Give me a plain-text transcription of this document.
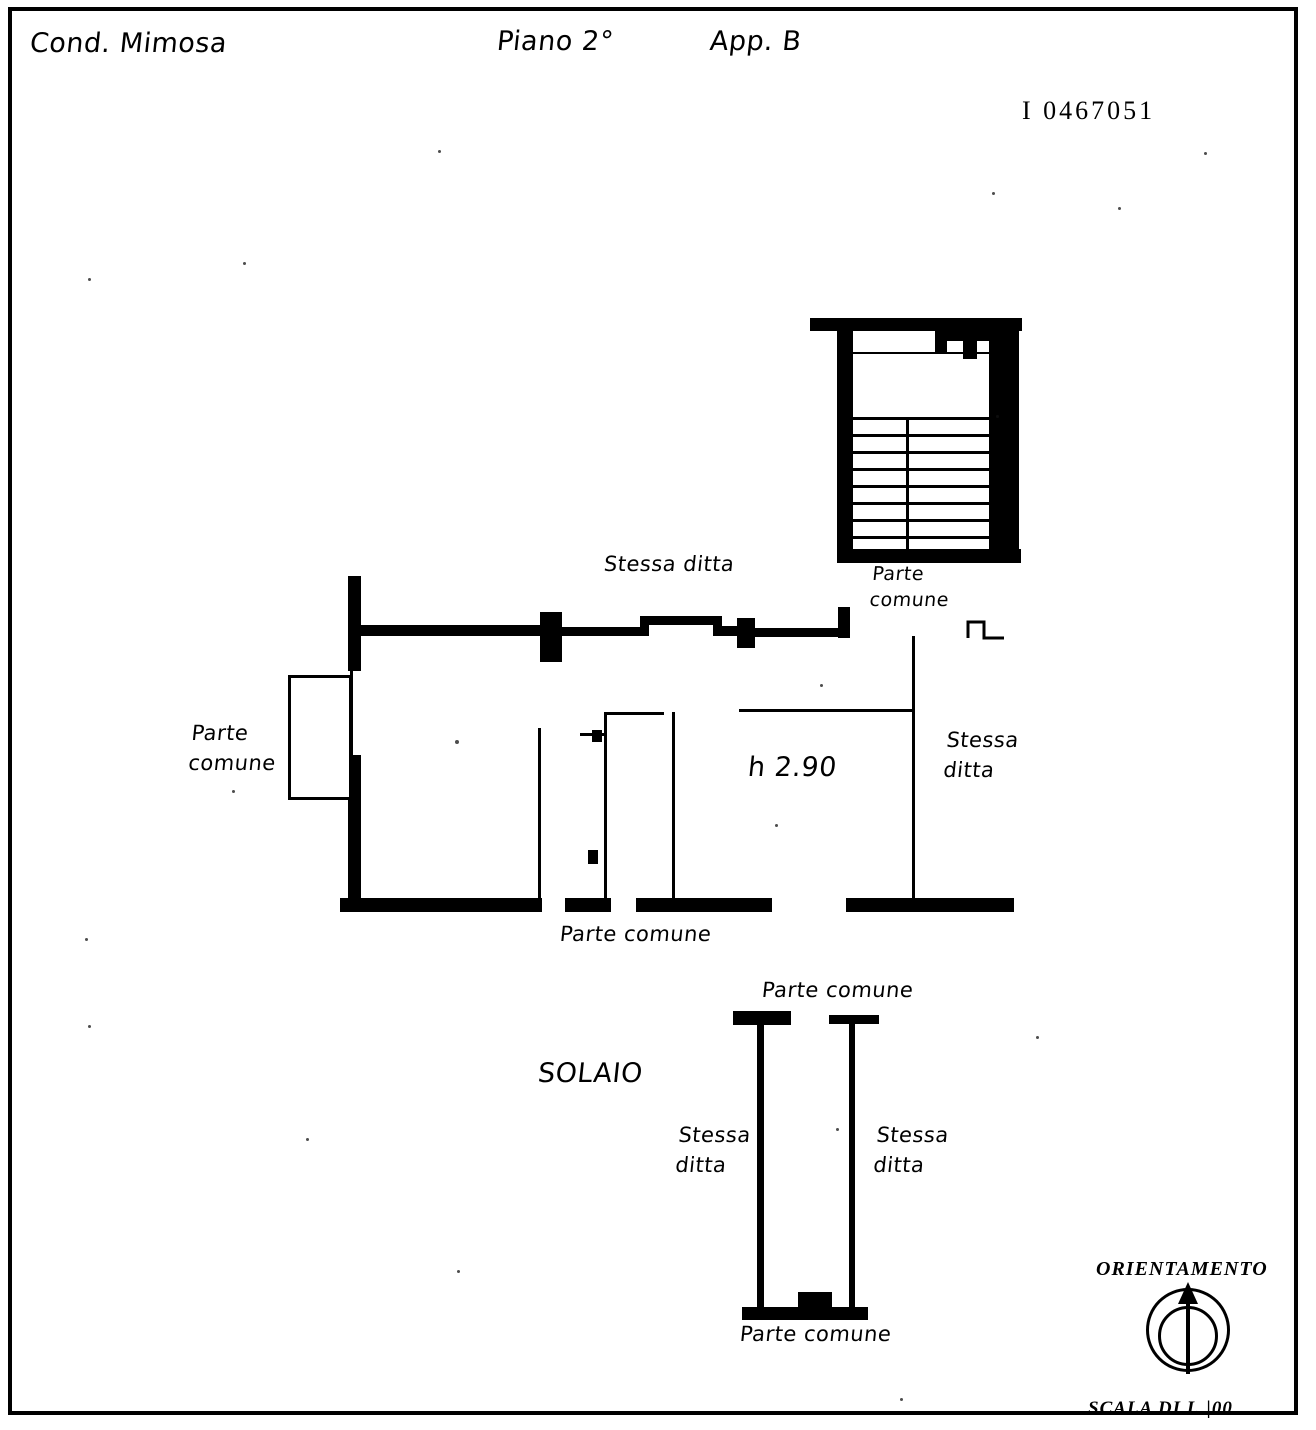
Cond. Mimosa	Piano 2°	App. B
I 0467051
Stessa ditta	Parte
comune
Parte
comune
Stessa
ditta
h 2.90
Parte comune
SOLAIO
Parte comune
Stessa
ditta
Stessa
ditta
Parte comune
ORIENTAMENTO
SCALA DI I. |00
